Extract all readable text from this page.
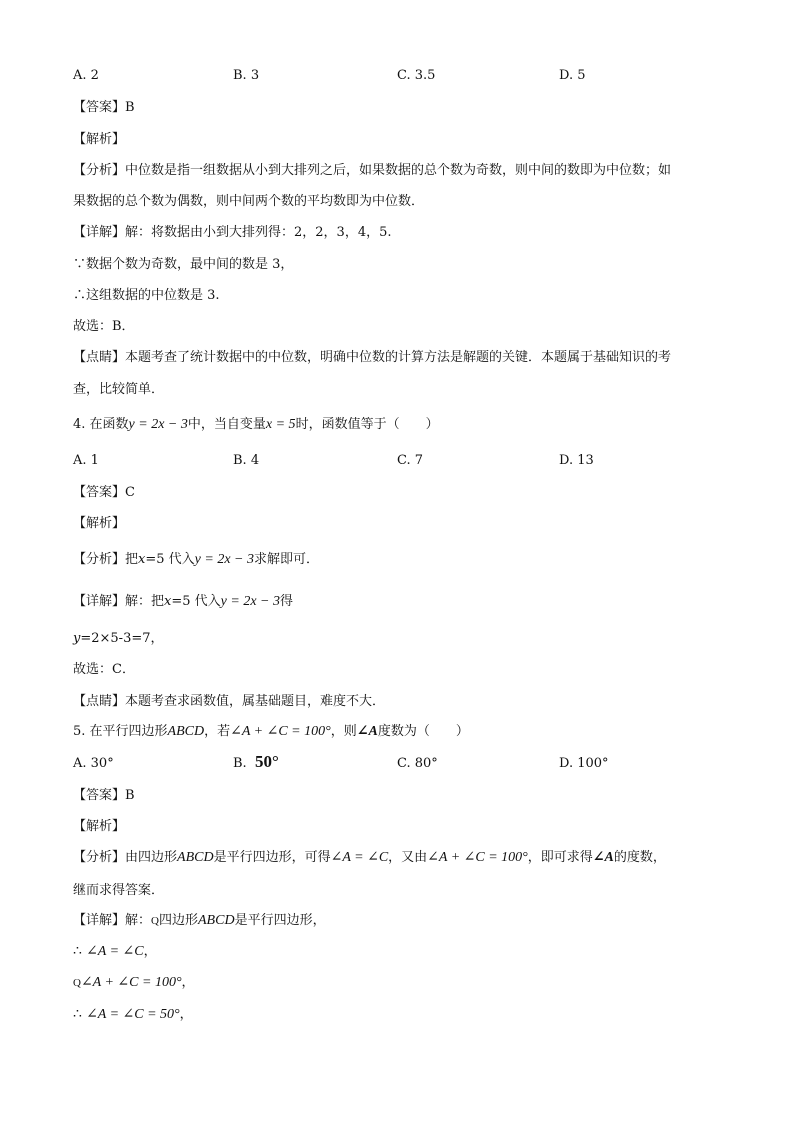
A. 2	B. 3	C. 3.5	D. 5
【答案】B
【解析】
【分析】中位数是指一组数据从小到大排列之后，如果数据的总个数为奇数，则中间的数即为中位数；如
果数据的总个数为偶数，则中间两个数的平均数即为中位数．
【详解】解：将数据由小到大排列得：2，2，3，4，5.
∵数据个数为奇数，最中间的数是 3，
∴这组数据的中位数是 3.
故选：B．
【点睛】本题考查了统计数据中的中位数，明确中位数的计算方法是解题的关键．本题属于基础知识的考
查，比较简单．
4. 在函数y = 2x − 3中，当自变量x = 5时，函数值等于（　　）
A. 1	B. 4	C. 7	D. 13
【答案】C
【解析】
【分析】把x=5 代入y = 2x − 3求解即可．
【详解】解：把x=5 代入y = 2x − 3得
y=2×5-3=7，
故选：C．
【点睛】本题考查求函数值，属基础题目，难度不大．
5. 在平行四边形ABCD，若∠A + ∠C = 100°，则∠A度数为（　　）
A. 30°	B. 50°	C. 80°	D. 100°
【答案】B
【解析】
【分析】由四边形ABCD是平行四边形，可得∠A = ∠C，又由∠A + ∠C = 100°，即可求得∠A的度数，
继而求得答案．
【详解】解：Q四边形ABCD是平行四边形，
∴ ∠A = ∠C，
Q∠A + ∠C = 100°，
∴ ∠A = ∠C = 50°，
